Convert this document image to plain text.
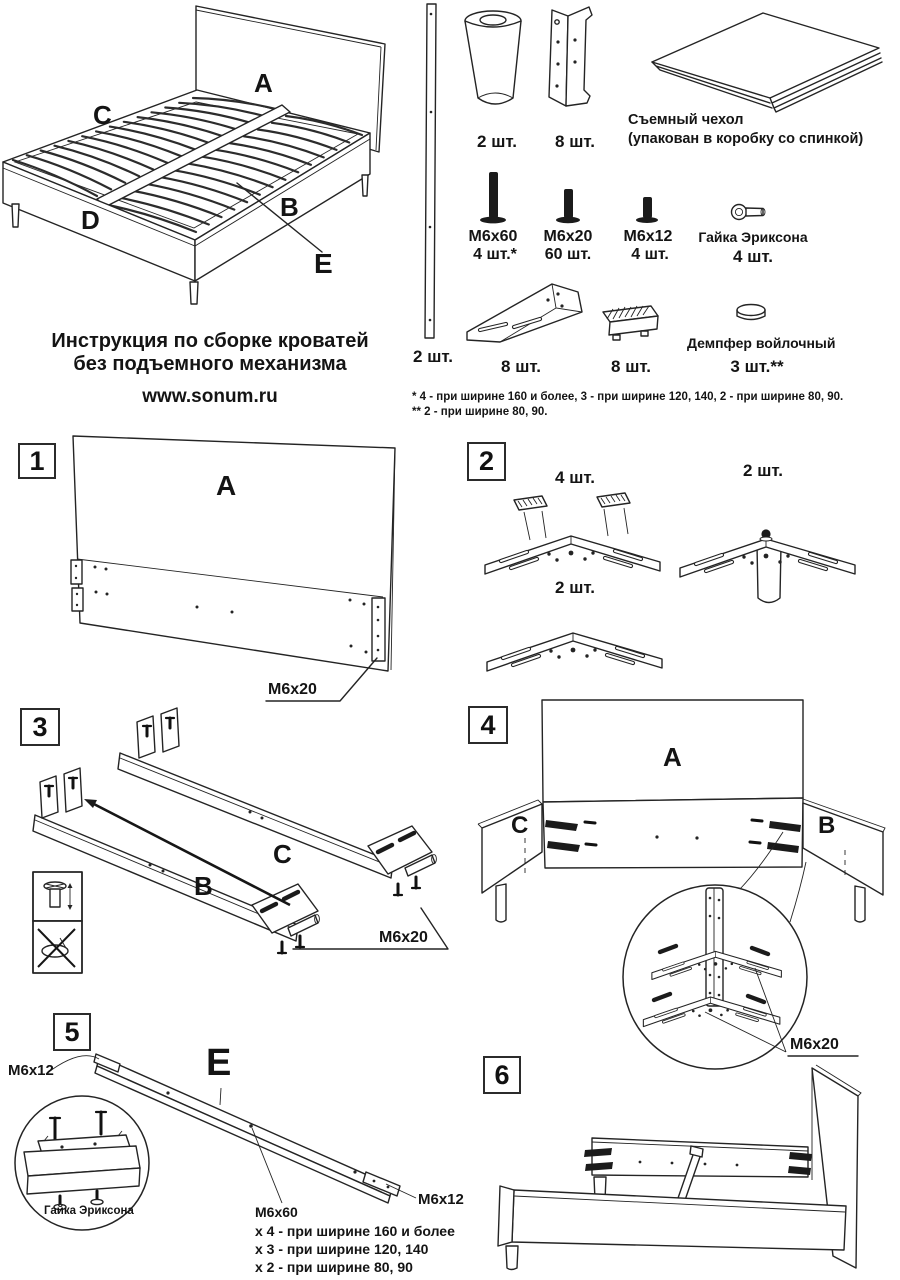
A
C
B
D
E
Инструкция по сборке кроватей
без подъемного механизма
www.sonum.ru
2 шт.
2 шт.	8 шт.
Съемный чехол
(упакован в коробку со спинкой)
M6x60
4 шт.*
M6x20
60 шт.
M6x12
4 шт.
Гайка Эриксона
4 шт.
8 шт.	8 шт.
Демпфер войлочный
3 шт.**
* 4 - при ширине 160 и более, 3 - при ширине 120, 140, 2 - при ширине 80, 90.
** 2 - при ширине 80, 90.
1
A
M6x20
2
4 шт.	2 шт.
2 шт.
3
C
B
M6x20
4
A
C	B
M6x20
5
E
M6x12
Гайка Эриксона
M6x12
M6x60
x 4 - при ширине 160 и более
x 3 - при ширине 120, 140
x 2 - при ширине 80, 90
6
